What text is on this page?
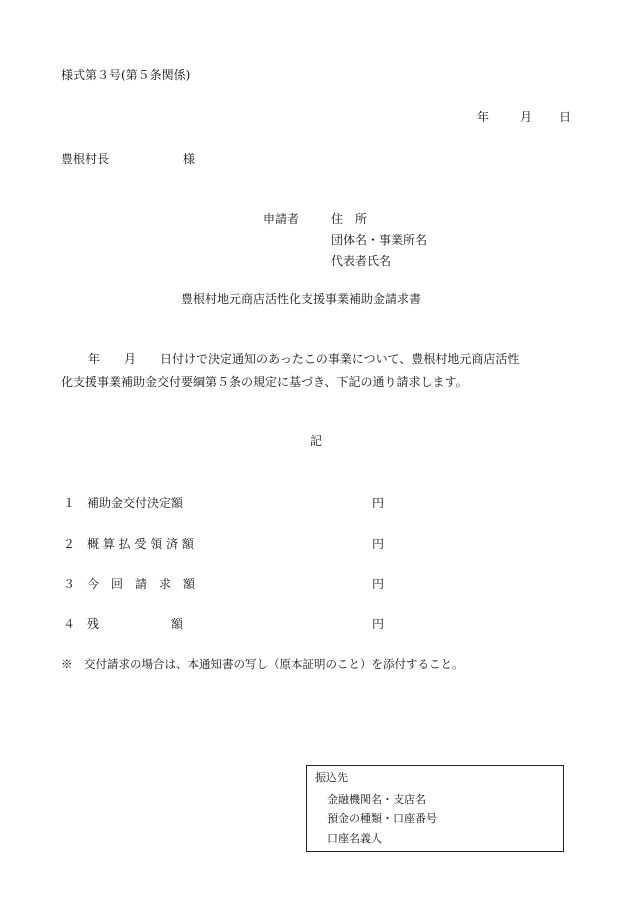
様式第３号(第５条関係)
年	月 日
豊根村長	様
申請者	住　所
団体名・事業所名
代表者氏名
豊根村地元商店活性化支援事業補助金請求書
年　　月　　日付けで決定通知のあったこの事業について、豊根村地元商店活性
化支援事業補助金交付要綱第５条の規定に基づき、下記の通り請求します。
記
１ 補助金交付決定額	円
２ 概 算 払 受 領 済 額	円
３ 今　回　請　求　額	円
４ 残　　　　　　額	円
※　交付請求の場合は、本通知書の写し（原本証明のこと）を添付すること。
振込先
金融機関名・支店名
預金の種類・口座番号
口座名義人
